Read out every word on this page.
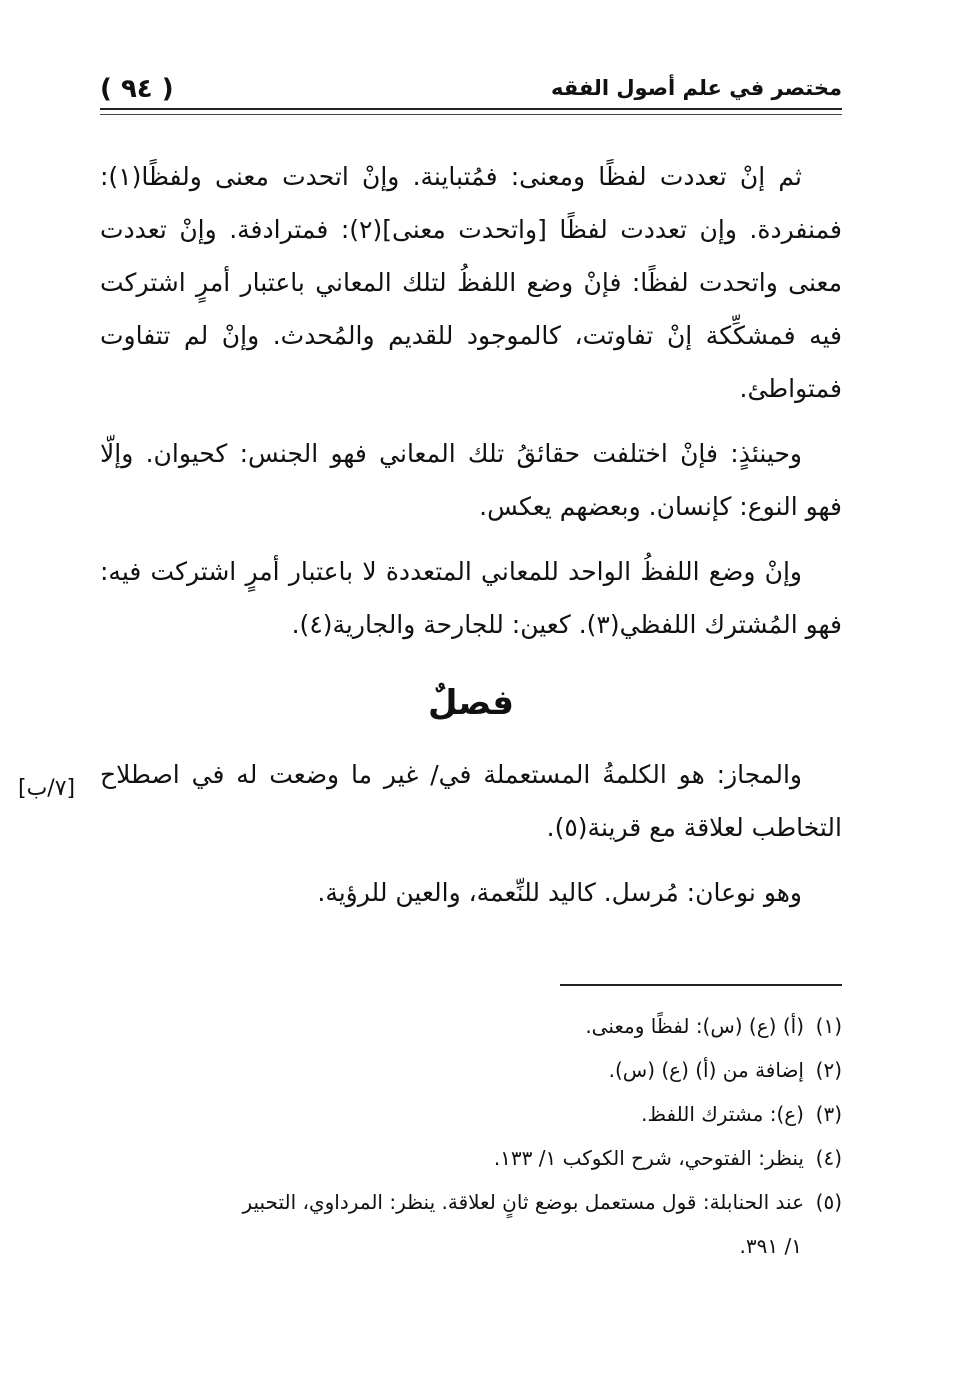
مختصر في علم أصول الفقه
( ٩٤ )

ثم إنْ تعددت لفظًا ومعنى: فمُتباينة. وإنْ اتحدت معنى ولفظًا(١): فمنفردة. وإن تعددت لفظًا [واتحدت معنى](٢): فمترادفة. وإنْ تعددت معنى واتحدت لفظًا: فإنْ وضع اللفظُ لتلك المعاني باعتبار أمرٍ اشتركت فيه فمشكِّكة إنْ تفاوتت، كالموجود للقديم والمُحدث. وإنْ لم تتفاوت فمتواطئ.

وحينئذٍ: فإنْ اختلفت حقائقُ تلك المعاني فهو الجنس: كحيوان. وإلّا فهو النوع: كإنسان. وبعضهم يعكس.

وإنْ وضع اللفظُ الواحد للمعاني المتعددة لا باعتبار أمرٍ اشتركت فيه: فهو المُشترك اللفظي(٣). كعين: للجارحة والجارية(٤).

فصلٌ

والمجاز: هو الكلمةُ المستعملة في/ غير ما وضعت له في اصطلاح التخاطب لعلاقة مع قرينة(٥).

وهو نوعان: مُرسل. كاليد للنِّعمة، والعين للرؤية.

[٧/ب]
(١)(أ) (ع) (س): لفظًا ومعنى.
(٢)إضافة من (أ) (ع) (س).
(٣)(ع): مشترك اللفظ.
(٤)ينظر: الفتوحي، شرح الكوكب ١/ ١٣٣.
(٥)عند الحنابلة: قول مستعمل بوضع ثانٍ لعلاقة. ينظر: المرداوي، التحبير
١/ ٣٩١.
